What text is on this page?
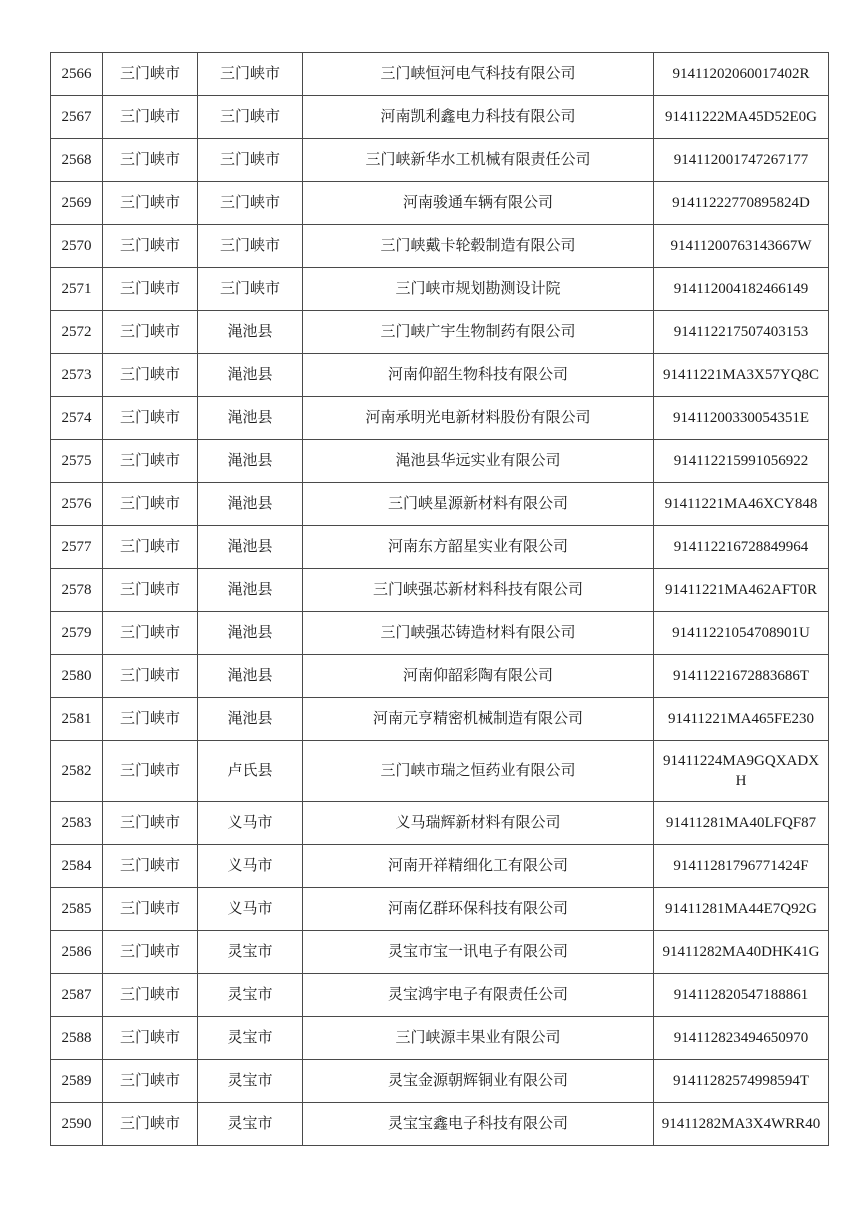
2566	三门峡市	三门峡市	三门峡恒河电气科技有限公司	91411202060017402R
2567	三门峡市	三门峡市	河南凯利鑫电力科技有限公司	91411222MA45D52E0G
2568	三门峡市	三门峡市	三门峡新华水工机械有限责任公司	914112001747267177
2569	三门峡市	三门峡市	河南骏通车辆有限公司	91411222770895824D
2570	三门峡市	三门峡市	三门峡戴卡轮毂制造有限公司	91411200763143667W
2571	三门峡市	三门峡市	三门峡市规划勘测设计院	914112004182466149
2572	三门峡市	渑池县	三门峡广宇生物制药有限公司	914112217507403153
2573	三门峡市	渑池县	河南仰韶生物科技有限公司	91411221MA3X57YQ8C
2574	三门峡市	渑池县	河南承明光电新材料股份有限公司	91411200330054351E
2575	三门峡市	渑池县	渑池县华远实业有限公司	914112215991056922
2576	三门峡市	渑池县	三门峡星源新材料有限公司	91411221MA46XCY848
2577	三门峡市	渑池县	河南东方韶星实业有限公司	914112216728849964
2578	三门峡市	渑池县	三门峡强芯新材料科技有限公司	91411221MA462AFT0R
2579	三门峡市	渑池县	三门峡强芯铸造材料有限公司	91411221054708901U
2580	三门峡市	渑池县	河南仰韶彩陶有限公司	91411221672883686T
2581	三门峡市	渑池县	河南元亨精密机械制造有限公司	91411221MA465FE230
2582	三门峡市	卢氏县	三门峡市瑞之恒药业有限公司	91411224MA9GQXADXH
2583	三门峡市	义马市	义马瑞辉新材料有限公司	91411281MA40LFQF87
2584	三门峡市	义马市	河南开祥精细化工有限公司	91411281796771424F
2585	三门峡市	义马市	河南亿群环保科技有限公司	91411281MA44E7Q92G
2586	三门峡市	灵宝市	灵宝市宝一讯电子有限公司	91411282MA40DHK41G
2587	三门峡市	灵宝市	灵宝鸿宇电子有限责任公司	914112820547188861
2588	三门峡市	灵宝市	三门峡源丰果业有限公司	914112823494650970
2589	三门峡市	灵宝市	灵宝金源朝辉铜业有限公司	91411282574998594T
2590	三门峡市	灵宝市	灵宝宝鑫电子科技有限公司	91411282MA3X4WRR40
